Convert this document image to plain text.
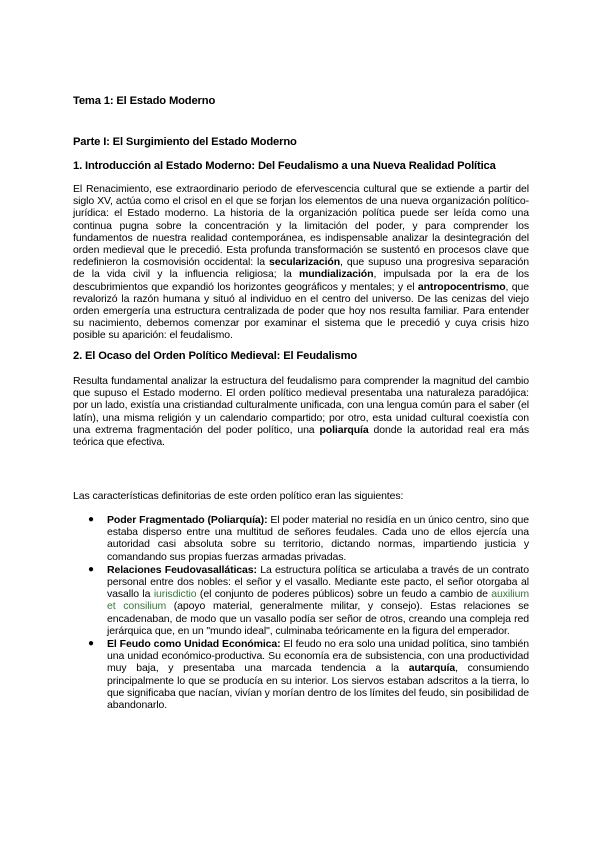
Tema 1: El Estado Moderno
Parte I: El Surgimiento del Estado Moderno
1. Introducción al Estado Moderno: Del Feudalismo a una Nueva Realidad Política

El Renacimiento, ese extraordinario periodo de efervescencia cultural que se extiende a partir del siglo XV, actúa como el crisol en el que se forjan los elementos de una nueva organización político-jurídica: el Estado moderno. La historia de la organización política puede ser leída como una continua pugna sobre la concentración y la limitación del poder, y para comprender los fundamentos de nuestra realidad contemporánea, es indispensable analizar la desintegración del orden medieval que le precedió. Esta profunda transformación se sustentó en procesos clave que redefinieron la cosmovisión occidental: la secularización, que supuso una progresiva separación de la vida civil y la influencia religiosa; la mundialización, impulsada por la era de los descubrimientos que expandió los horizontes geográficos y mentales; y el antropocentrismo, que revalorizó la razón humana y situó al individuo en el centro del universo. De las cenizas del viejo orden emergería una estructura centralizada de poder que hoy nos resulta familiar. Para entender su nacimiento, debemos comenzar por examinar el sistema que le precedió y cuya crisis hizo posible su aparición: el feudalismo.

2. El Ocaso del Orden Político Medieval: El Feudalismo

Resulta fundamental analizar la estructura del feudalismo para comprender la magnitud del cambio que supuso el Estado moderno. El orden político medieval presentaba una naturaleza paradójica: por un lado, existía una cristiandad culturalmente unificada, con una lengua común para el saber (el latín), una misma religión y un calendario compartido; por otro, esta unidad cultural coexistía con una extrema fragmentación del poder político, una poliarquía donde la autoridad real era más teórica que efectiva.

Las características definitorias de este orden político eran las siguientes:

● Poder Fragmentado (Poliarquía): El poder material no residía en un único centro, sino que estaba disperso entre una multitud de señores feudales. Cada uno de ellos ejercía una autoridad casi absoluta sobre su territorio, dictando normas, impartiendo justicia y comandando sus propias fuerzas armadas privadas.
● Relaciones Feudovasalláticas: La estructura política se articulaba a través de un contrato personal entre dos nobles: el señor y el vasallo. Mediante este pacto, el señor otorgaba al vasallo la iurisdictio (el conjunto de poderes públicos) sobre un feudo a cambio de auxilium et consilium (apoyo material, generalmente militar, y consejo). Estas relaciones se encadenaban, de modo que un vasallo podía ser señor de otros, creando una compleja red jerárquica que, en un "mundo ideal", culminaba teóricamente en la figura del emperador.
● El Feudo como Unidad Económica: El feudo no era solo una unidad política, sino también una unidad económico-productiva. Su economía era de subsistencia, con una productividad muy baja, y presentaba una marcada tendencia a la autarquía, consumiendo principalmente lo que se producía en su interior. Los siervos estaban adscritos a la tierra, lo que significaba que nacían, vivían y morían dentro de los límites del feudo, sin posibilidad de abandonarlo.
